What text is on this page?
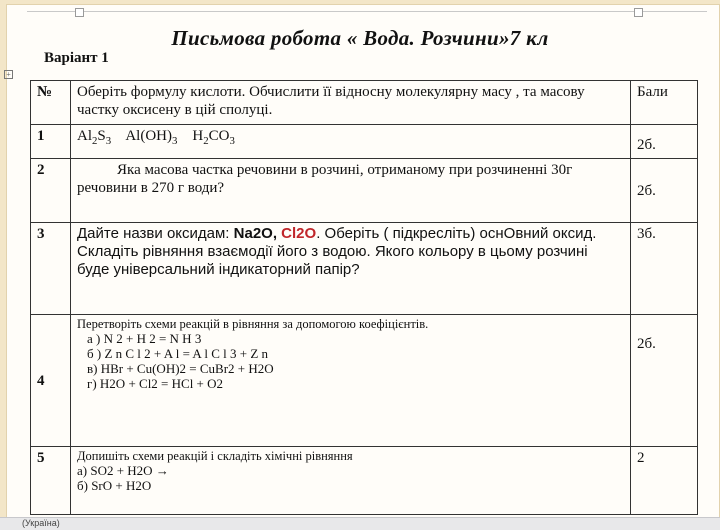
Письмова робота « Вода. Розчини»7 кл
Варіант 1
+
№	Оберіть формулу кислоти. Обчислити її відносну молекулярну масу , та масову частку оксисену в цій сполуці.	Бали
1	$Al_2S_3$ $Al(OH)_3$ $H_2CO_3$	2б.
2	Яка масова частка речовини в розчині, отриманому при розчиненні 30г речовини в 270 г води?	2б.
3	Дайте назви оксидам: Na2O, Cl2O. Оберіть ( підкресліть) оснОвний оксид. Складіть рівняння взаємодії його з водою. Якого кольору в цьому розчині буде універсальний індикаторний папір?	3б.
4	Перетворіть схеми реакцій в рівняння за допомогою коефіцієнтів.
а ) N 2 + H 2 = N H 3
б ) Z n C l 2 + A l = A l C l 3 + Z n
в) HBr + Cu(OH)2 = CuBr2 + H2O
г) H2O + Cl2 = HCl + O2	2б.
5	Допишіть схеми реакцій і складіть хімічні рівняння
а) SO2 + H2O →
б) SrO + H2O	2
(Україна)
